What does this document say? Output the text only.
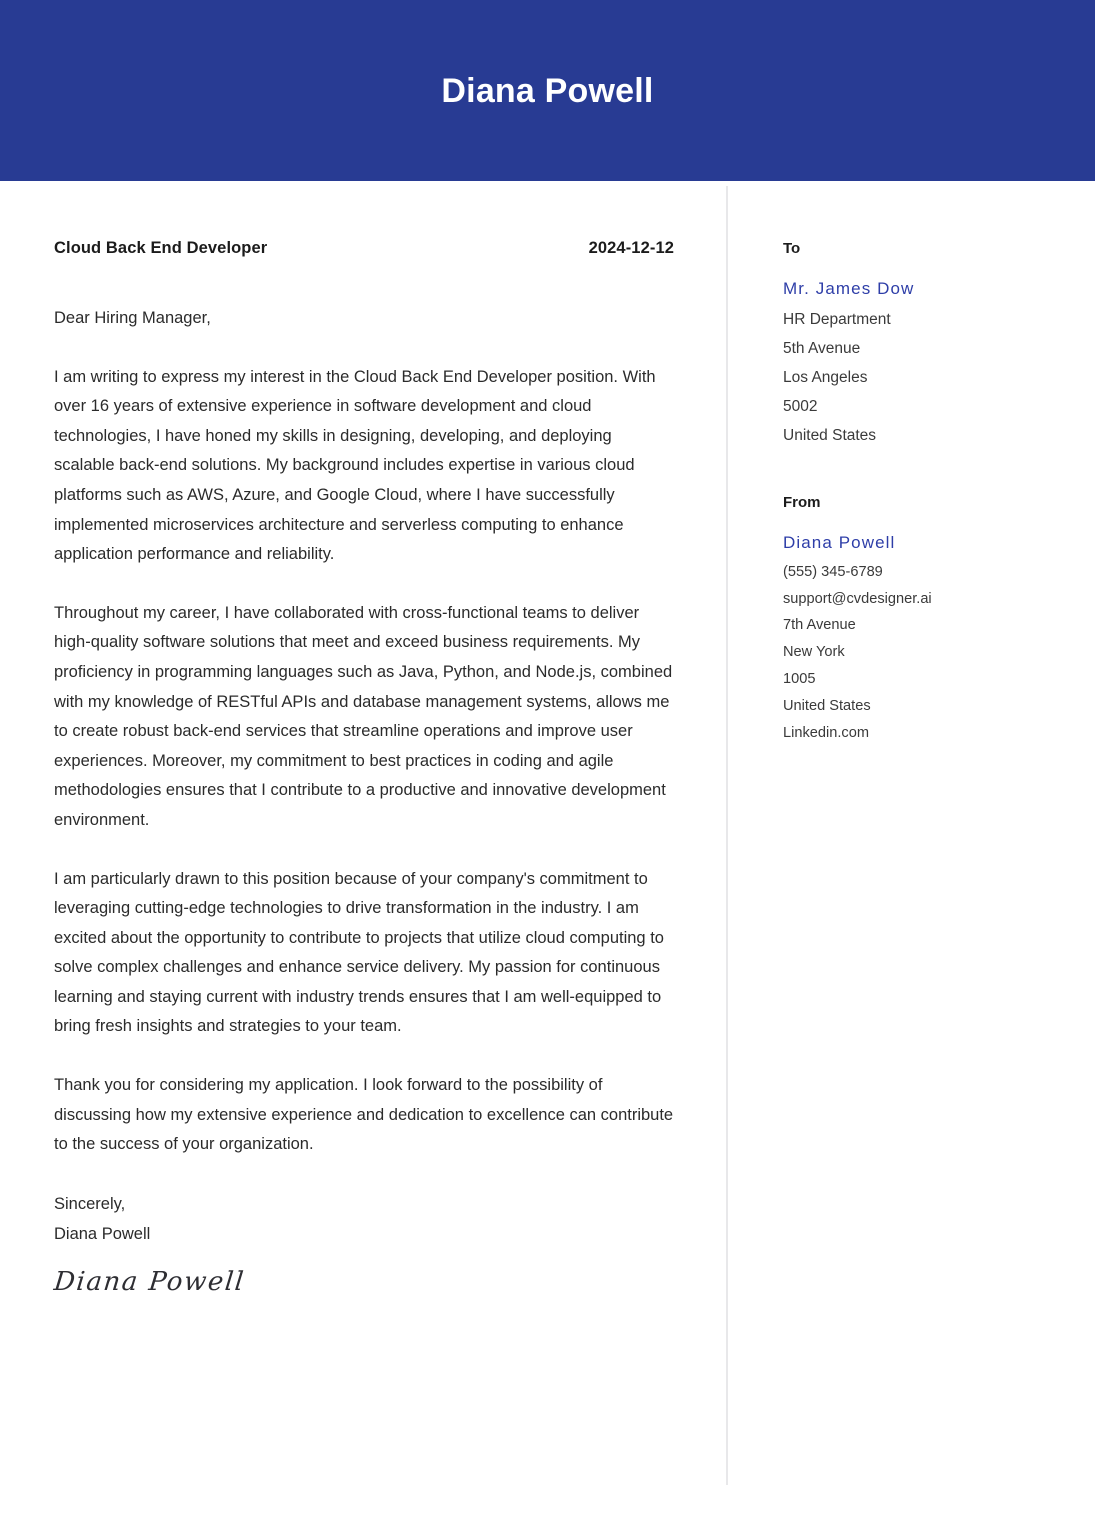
Diana Powell
Cloud Back End Developer	2024-12-12
Dear Hiring Manager,

I am writing to express my interest in the Cloud Back End Developer position. With over 16 years of extensive experience in software development and cloud technologies, I have honed my skills in designing, developing, and deploying scalable back-end solutions. My background includes expertise in various cloud platforms such as AWS, Azure, and Google Cloud, where I have successfully implemented microservices architecture and serverless computing to enhance application performance and reliability.

Throughout my career, I have collaborated with cross-functional teams to deliver high-quality software solutions that meet and exceed business requirements. My proficiency in programming languages such as Java, Python, and Node.js, combined with my knowledge of RESTful APIs and database management systems, allows me to create robust back-end services that streamline operations and improve user experiences. Moreover, my commitment to best practices in coding and agile methodologies ensures that I contribute to a productive and innovative development environment.

I am particularly drawn to this position because of your company's commitment to leveraging cutting-edge technologies to drive transformation in the industry. I am excited about the opportunity to contribute to projects that utilize cloud computing to solve complex challenges and enhance service delivery. My passion for continuous learning and staying current with industry trends ensures that I am well-equipped to bring fresh insights and strategies to your team.

Thank you for considering my application. I look forward to the possibility of discussing how my extensive experience and dedication to excellence can contribute to the success of your organization.

Sincerely,
Diana Powell
Diana Powell
To
Mr. James Dow
HR Department
5th Avenue
Los Angeles
5002
United States
From
Diana Powell
(555) 345-6789
support@cvdesigner.ai
7th Avenue
New York
1005
United States
Linkedin.com
